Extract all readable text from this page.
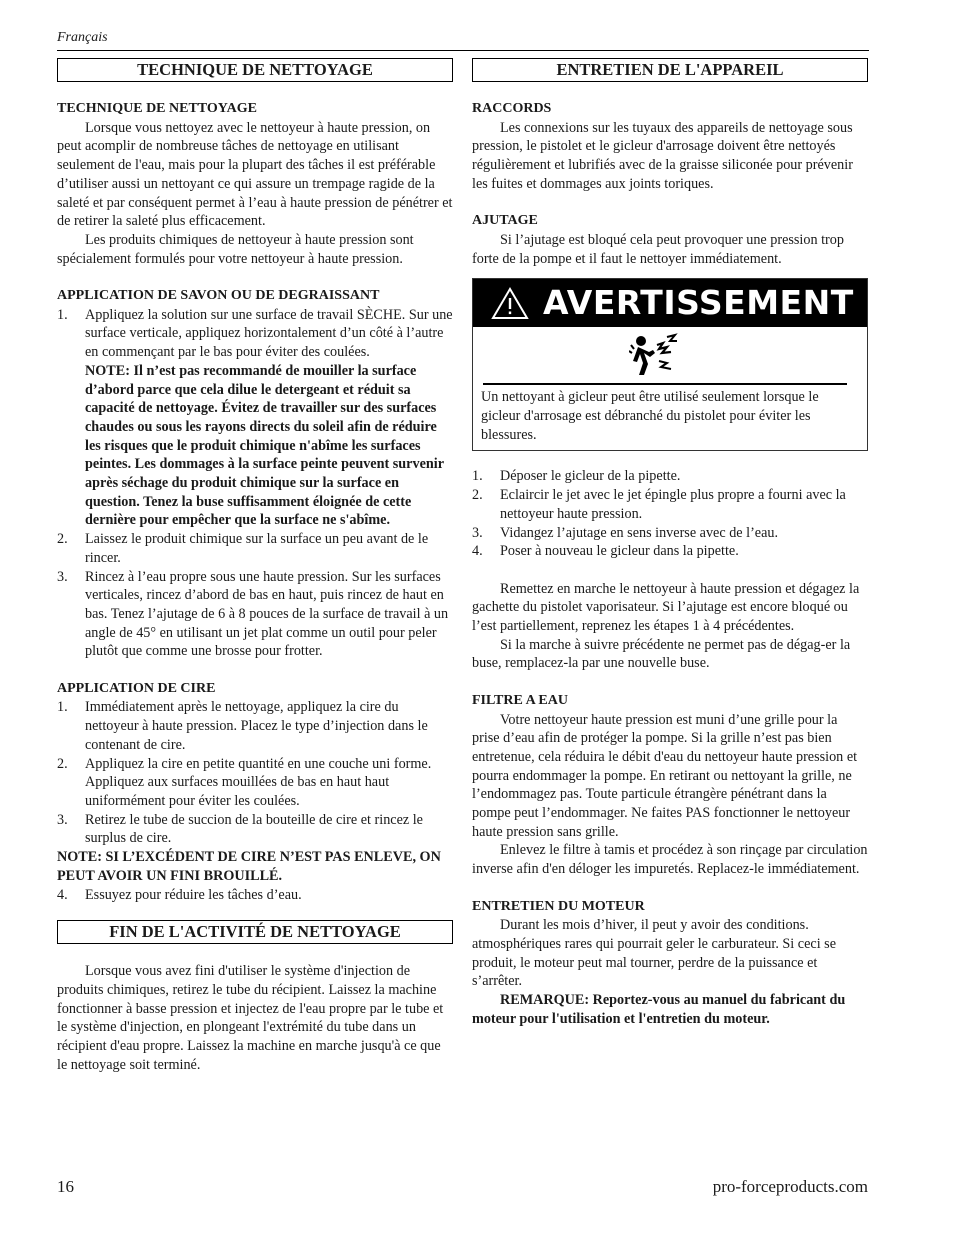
Français
TECHNIQUE DE NETTOYAGE

TECHNIQUE DE NETTOYAGE

Lorsque vous nettoyez avec le nettoyeur à haute pression, on peut acomplir de nombreuse tâches de nettoyage en utilisant seulement de l'eau, mais pour la plupart des tâches il est préférable d’utiliser aussi un nettoyant ce qui assure un trempage ragide de la saleté et par conséquent permet à l’eau à haute pression de pénétrer et de retirer la saleté plus efficacement.

Les produits chimiques de nettoyeur à haute pression sont spécialement formulés pour votre nettoyeur à haute pression.

APPLICATION DE SAVON OU DE DEGRAISSANT

1. Appliquez la solution sur une surface de travail SÈCHE. Sur une surface verticale, appliquez horizontalement d’un côté à l’autre en commençant par le bas pour éviter des coulées.
NOTE: Il n’est pas recommandé de mouiller la surface d’abord parce que cela dilue le detergeant et réduit sa capacité de nettoyage. Évitez de travailler sur des surfaces chaudes ou sous les rayons directs du soleil afin de réduire les risques que le produit chimique n'abîme les surfaces peintes. Les dommages à la surface peinte peuvent survenir après séchage du produit chimique sur la surface en question. Tenez la buse suffisamment éloignée de cette dernière pour empêcher que la surface ne s'abîme.
2. Laissez le produit chimique sur la surface un peu avant de le rincer.
3. Rincez à l’eau propre sous une haute pression. Sur les surfaces verticales, rincez d’abord de bas en haut, puis rincez de haut en bas. Tenez l’ajutage de 6 à 8 pouces de la surface de travail à un angle de 45° en utilisant un jet plat comme un outil pour peler plutôt que comme une brosse pour frotter.

APPLICATION DE CIRE

1. Immédiatement après le nettoyage, appliquez la cire du nettoyeur à haute pression. Placez le type d’injection dans le contenant de cire.
2. Appliquez la cire en petite quantité en une couche uni forme. Appliquez aux surfaces mouillées de bas en haut haut uniformément pour éviter les coulées.
3. Retirez le tube de succion de la bouteille de cire et rincez le surplus de cire.

NOTE: SI L’EXCÉDENT DE CIRE N’EST PAS ENLEVE, ON PEUT AVOIR UN FINI BROUILLÉ.

4. Essuyez pour réduire les tâches d’eau.
FIN DE L'ACTIVITÉ DE NETTOYAGE

Lorsque vous avez fini d'utiliser le système d'injection de produits chimiques, retirez le tube du récipient. Laissez la machine fonctionner à basse pression et injectez de l'eau propre par le tube et le système d'injection, en plongeant l'extrémité du tube dans un récipient d'eau propre. Laissez la machine en marche jusqu'à ce que le nettoyage soit terminé.

ENTRETIEN DE L'APPAREIL

RACCORDS

Les connexions sur les tuyaux des appareils de nettoyage sous pression, le pistolet et le gicleur d'arrosage doivent être nettoyés régulièrement et lubrifiés avec de la graisse siliconée pour prévenir les fuites et dommages aux joints toriques.

AJUTAGE

Si l’ajutage est bloqué cela peut provoquer une pression trop forte de la pompe et il faut le nettoyer immédiatement.

AVERTISSEMENT
Un nettoyant à gicleur peut être utilisé seulement lorsque le gicleur d'arrosage est débranché du pistolet pour éviter les blessures.
1. Déposer le gicleur de la pipette.
2. Eclaircir le jet avec le jet épingle plus propre a fourni avec la nettoyeur haute pression.
3. Vidangez l’ajutage en sens inverse avec de l’eau.
4. Poser à nouveau le gicleur dans la pipette.

Remettez en marche le nettoyeur à haute pression et dégagez la gachette du pistolet vaporisateur. Si l’ajutage est encore bloqué ou l’est partiellement, reprenez les étapes 1 à 4 précédentes.

Si la marche à suivre précédente ne permet pas de dégag-er la buse, remplacez-la par une nouvelle buse.

FILTRE A EAU

Votre nettoyeur haute pression est muni d’une grille pour la prise d’eau afin de protéger la pompe. Si la grille n’est pas bien entretenue, cela réduira le débit d'eau du nettoyeur haute pression et pourra endommager la pompe. En retirant ou nettoyant la grille, ne l’endommagez pas. Toute particule étrangère pénétrant dans la pompe peut l’endommager. Ne faites PAS fonctionner le nettoyeur haute pression sans grille.

Enlevez le filtre à tamis et procédez à son rinçage par circulation inverse afin d'en déloger les impuretés. Replacez-le immédiatement.

ENTRETIEN DU MOTEUR

Durant les mois d’hiver, il peut y avoir des conditions. atmosphériques rares qui pourrait geler le carburateur. Si ceci se produit, le moteur peut mal tourner, perdre de la puissance et s’arrêter.

REMARQUE: Reportez-vous au manuel du fabricant du moteur pour l'utilisation et l'entretien du moteur.

16	pro-forceproducts.com
